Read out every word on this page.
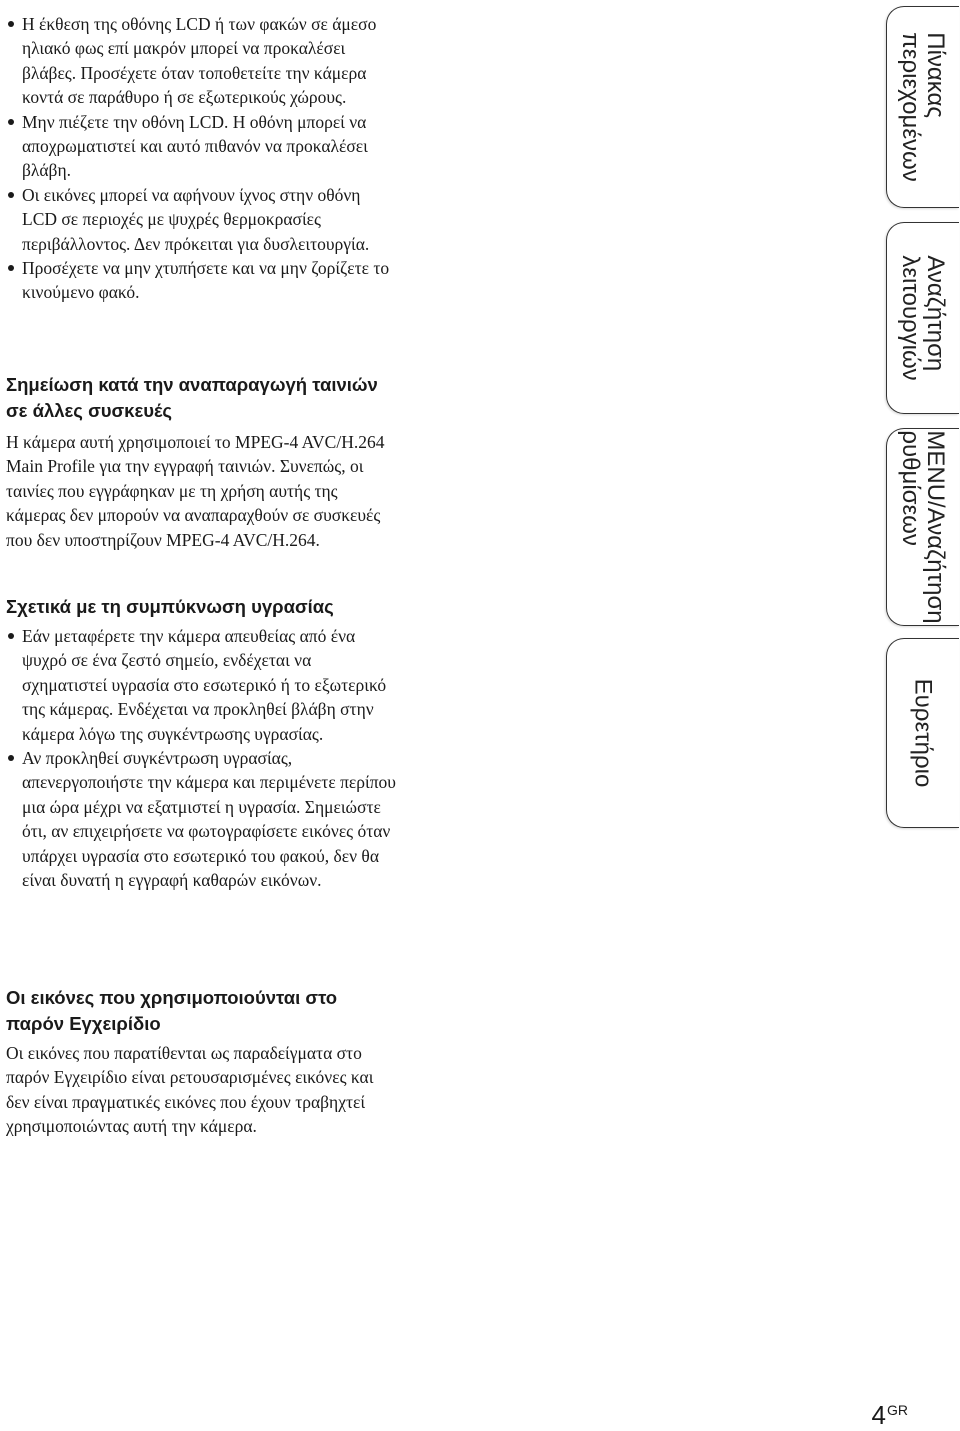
Η έκθεση της οθόνης LCD ή των φακών σε άμεσο ηλιακό φως επί μακρόν μπορεί να προκαλέσει βλάβες. Προσέχετε όταν τοποθετείτε την κάμερα κοντά σε παράθυρο ή σε εξωτερικούς χώρους.
Μην πιέζετε την οθόνη LCD. Η οθόνη μπορεί να αποχρωματιστεί και αυτό πιθανόν να προκαλέσει βλάβη.
Οι εικόνες μπορεί να αφήνουν ίχνος στην οθόνη LCD σε περιοχές με ψυχρές θερμοκρασίες περιβάλλοντος. Δεν πρόκειται για δυσλειτουργία.
Προσέχετε να μην χτυπήσετε και να μην ζορίζετε το κινούμενο φακό.
Σημείωση κατά την αναπαραγωγή ταινιών σε άλλες συσκευές

Η κάμερα αυτή χρησιμοποιεί το MPEG-4 AVC/H.264 Main Profile για την εγγραφή ταινιών. Συνεπώς, οι ταινίες που εγγράφηκαν με τη χρήση αυτής της κάμερας δεν μπορούν να αναπαραχθούν σε συσκευές που δεν υποστηρίζουν MPEG-4 AVC/H.264.

Σχετικά με τη συμπύκνωση υγρασίας
Εάν μεταφέρετε την κάμερα απευθείας από ένα ψυχρό σε ένα ζεστό σημείο, ενδέχεται να σχηματιστεί υγρασία στο εσωτερικό ή το εξωτερικό της κάμερας. Ενδέχεται να προκληθεί βλάβη στην κάμερα λόγω της συγκέντρωσης υγρασίας.
Αν προκληθεί συγκέντρωση υγρασίας, απενεργοποιήστε την κάμερα και περιμένετε περίπου μια ώρα μέχρι να εξατμιστεί η υγρασία. Σημειώστε ότι, αν επιχειρήσετε να φωτογραφίσετε εικόνες όταν υπάρχει υγρασία στο εσωτερικό του φακού, δεν θα είναι δυνατή η εγγραφή καθαρών εικόνων.
Οι εικόνες που χρησιμοποιούνται στο παρόν Εγχειρίδιο

Οι εικόνες που παρατίθενται ως παραδείγματα στο παρόν Εγχειρίδιο είναι ρετουσαρισμένες εικόνες και δεν είναι πραγματικές εικόνες που έχουν τραβηχτεί χρησιμοποιώντας αυτή την κάμερα.

Πίνακας
περιεχομένων
Αναζήτηση
λειτουργιών
MENU/Αναζήτηση
ρυθμίσεων
Ευρετήριο
$4^{GR}$
